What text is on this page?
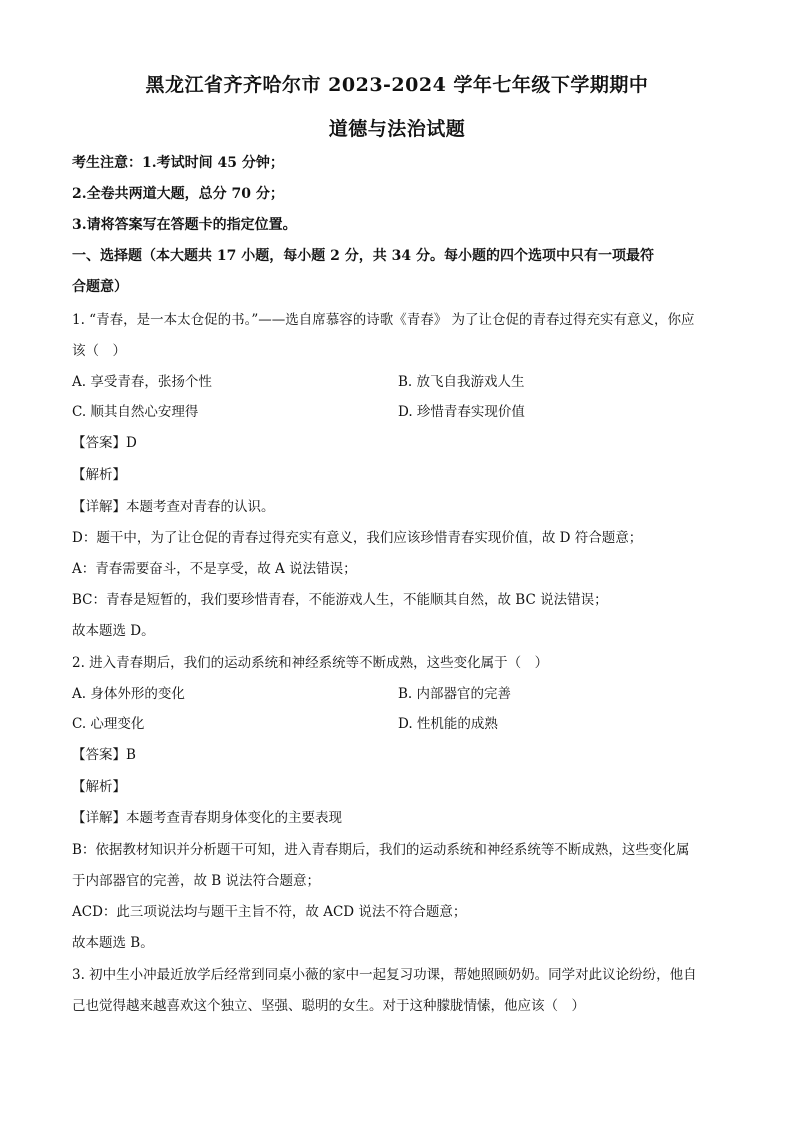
黑龙江省齐齐哈尔市 2023-2024 学年七年级下学期期中
道德与法治试题
考生注意：1.考试时间 45 分钟；
2.全卷共两道大题，总分 70 分；
3.请将答案写在答题卡的指定位置。
一、选择题（本大题共 17 小题，每小题 2 分，共 34 分。每小题的四个选项中只有一项最符
合题意）
1. “青春，是一本太仓促的书。”——选自席慕容的诗歌《青春》 为了让仓促的青春过得充实有意义，你应
该（　）
A. 享受青春，张扬个性	B. 放飞自我游戏人生
C. 顺其自然心安理得	D. 珍惜青春实现价值
【答案】D
【解析】
【详解】本题考查对青春的认识。
D：题干中，为了让仓促的青春过得充实有意义，我们应该珍惜青春实现价值，故 D 符合题意；
A：青春需要奋斗，不是享受，故 A 说法错误；
BC：青春是短暂的，我们要珍惜青春，不能游戏人生，不能顺其自然，故 BC 说法错误；
故本题选 D。
2. 进入青春期后，我们的运动系统和神经系统等不断成熟，这些变化属于（　）
A. 身体外形的变化	B. 内部器官的完善
C. 心理变化	D. 性机能的成熟
【答案】B
【解析】
【详解】本题考查青春期身体变化的主要表现
B：依据教材知识并分析题干可知，进入青春期后，我们的运动系统和神经系统等不断成熟，这些变化属
于内部器官的完善，故 B 说法符合题意；
ACD：此三项说法均与题干主旨不符，故 ACD 说法不符合题意；
故本题选 B。
3. 初中生小冲最近放学后经常到同桌小薇的家中一起复习功课，帮她照顾奶奶。同学对此议论纷纷，他自
己也觉得越来越喜欢这个独立、坚强、聪明的女生。对于这种朦胧情愫，他应该（　）
